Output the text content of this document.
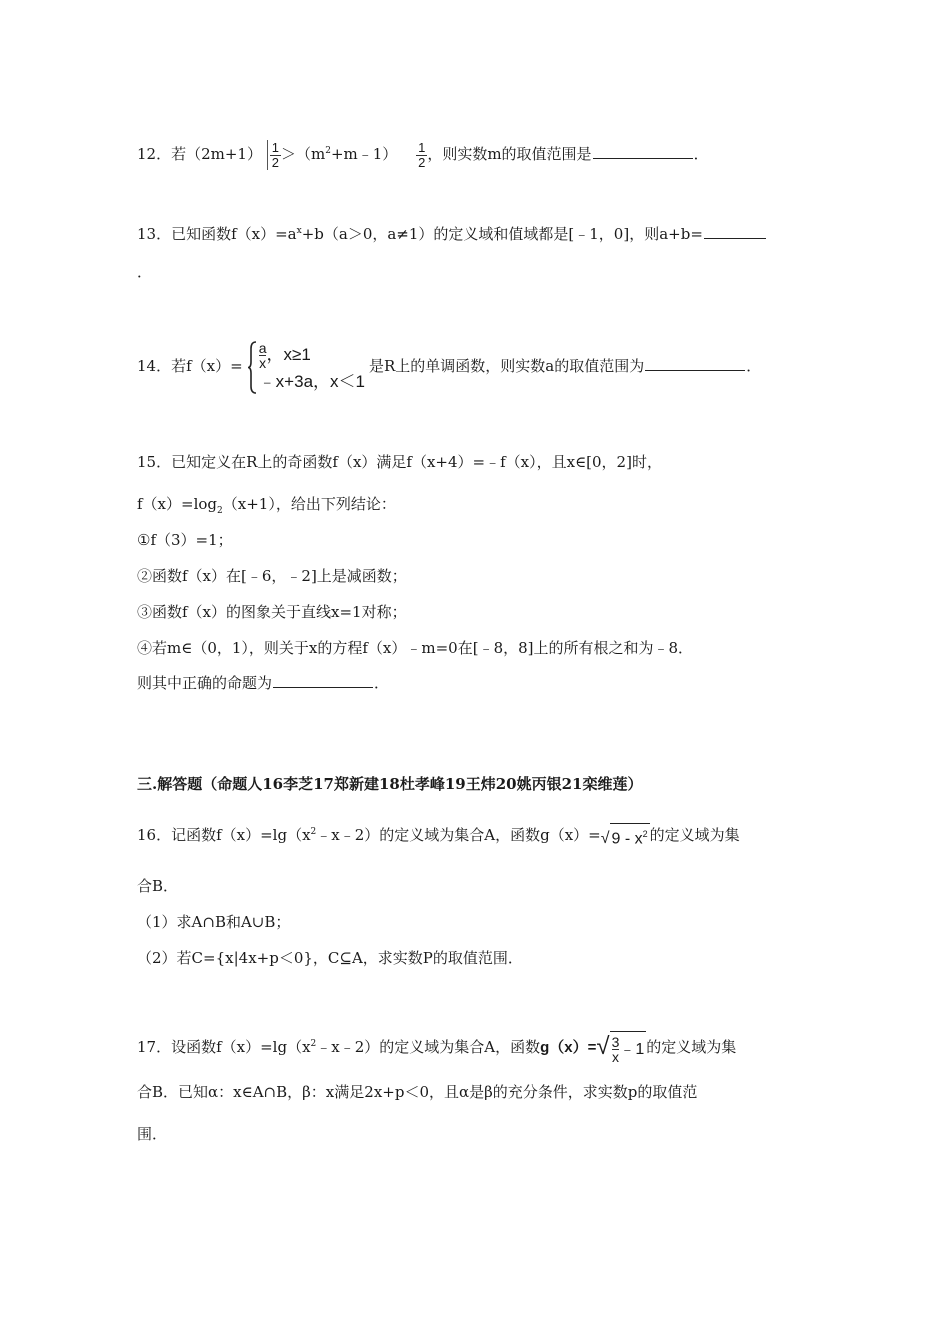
12．若$(2m+1) \frac{1}{2}$ $>(m^2+m﹣1) \frac{1}{2}$ ，则实数m的取值范围是	．
13．已知函数$f(x)=a^x+b(a>0$，a≠1）的定义域和值域都是[﹣1，0]，则a+b=
．
14．若$f(x)= \frac{a}{x}$，x≥1
﹣x+3a，x＜1
是R上的单调函数，则实数a的取值范围为	．
15．已知定义在R上的奇函数f（x）满足f（x+4）=﹣f（x），且x∈[0，2]时，
$f(x)=\log_2(x+1)$，给出下列结论：
①f（3）=1；
②函数f（x）在[﹣6，﹣2]上是减函数；
③函数f（x）的图象关于直线x=1对称；
④若m∈（0，1），则关于x的方程f（x）﹣m=0在[﹣8，8]上的所有根之和为﹣8．
则其中正确的命题为	．
三.解答题（命题人16李芝17郑新建18杜孝峰19王炜20姚丙银21栾维莲）
16．记函数$f(x)=\lg(x^2﹣x﹣2)$的定义域为集合A，函数g（x）=√ $9 - x^2$ 的定义域为集
合B．
（1）求A∩B和A∪B；
（2）若C={x|4x+p＜0}，C⊆A，求实数P的取值范围．
17．设函数$f(x)=\lg(x^2﹣x﹣2)$的定义域为集合A，函数$g(x)=√ \frac{3}{x}﹣1$ 的定义域为集
合B．已知α：x∈A∩B，β：x满足2x+p＜0，且α是β的充分条件，求实数p的取值范
围．
